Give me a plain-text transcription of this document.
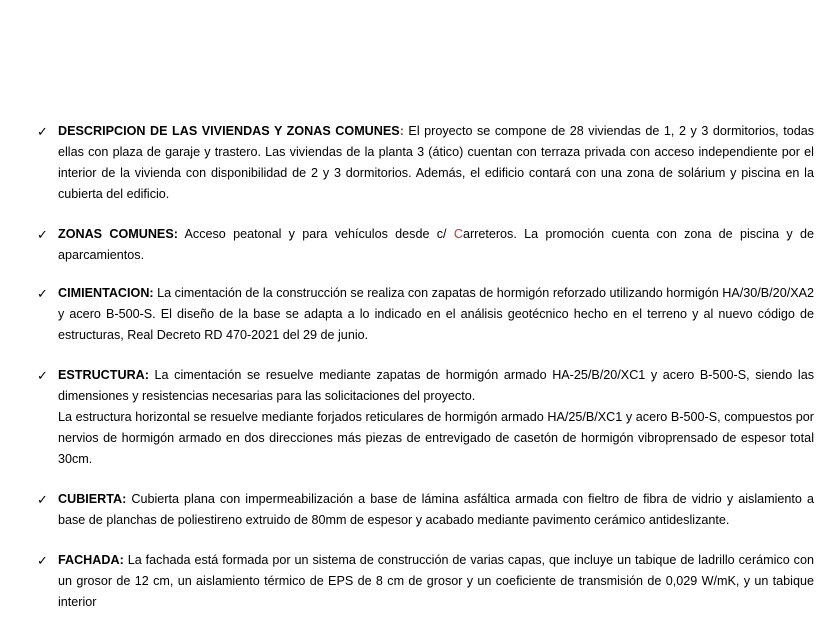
✓ DESCRIPCION DE LAS VIVIENDAS Y ZONAS COMUNES: El proyecto se compone de 28 viviendas de 1, 2 y 3 dormitorios, todas ellas con plaza de garaje y trastero. Las viviendas de la planta 3 (ático) cuentan con terraza privada con acceso independiente por el interior de la vivienda con disponibilidad de 2 y 3 dormitorios. Además, el edificio contará con una zona de solárium y piscina en la cubierta del edificio.

✓ ZONAS COMUNES: Acceso peatonal y para vehículos desde c/ Carreteros. La promoción cuenta con zona de piscina y de aparcamientos.

✓ CIMIENTACION: La cimentación de la construcción se realiza con zapatas de hormigón reforzado utilizando hormigón HA/30/B/20/XA2 y acero B-500-S. El diseño de la base se adapta a lo indicado en el análisis geotécnico hecho en el terreno y al nuevo código de estructuras, Real Decreto RD 470-2021 del 29 de junio.

✓ ESTRUCTURA: La cimentación se resuelve mediante zapatas de hormigón armado HA-25/B/20/XC1 y acero B-500-S, siendo las dimensiones y resistencias necesarias para las solicitaciones del proyecto.

La estructura horizontal se resuelve mediante forjados reticulares de hormigón armado HA/25/B/XC1 y acero B-500-S, compuestos por nervios de hormigón armado en dos direcciones más piezas de entrevigado de casetón de hormigón vibroprensado de espesor total 30cm.

✓ CUBIERTA: Cubierta plana con impermeabilización a base de lámina asfáltica armada con fieltro de fibra de vidrio y aislamiento a base de planchas de poliestireno extruido de 80mm de espesor y acabado mediante pavimento cerámico antideslizante.

✓ FACHADA: La fachada está formada por un sistema de construcción de varias capas, que incluye un tabique de ladrillo cerámico con un grosor de 12 cm, un aislamiento térmico de EPS de 8 cm de grosor y un coeficiente de transmisión de 0,029 W/mK, y un tabique interior
